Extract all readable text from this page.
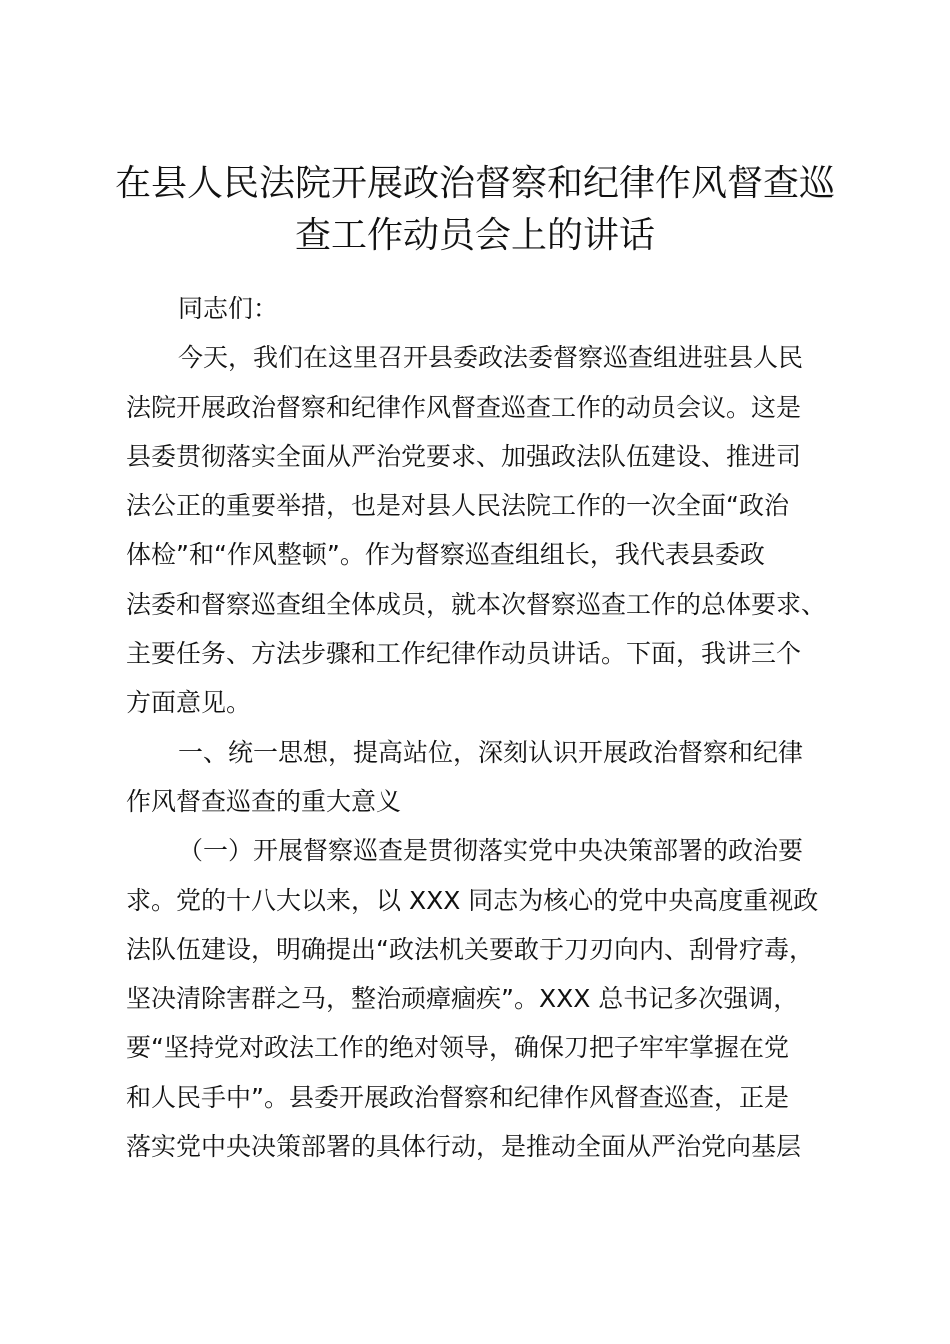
在县人民法院开展政治督察和纪律作风督查巡
查工作动员会上的讲话
同志们：
今天，我们在这里召开县委政法委督察巡查组进驻县人民
法院开展政治督察和纪律作风督查巡查工作的动员会议。这是
县委贯彻落实全面从严治党要求、加强政法队伍建设、推进司
法公正的重要举措，也是对县人民法院工作的一次全面“政治
体检”和“作风整顿”。作为督察巡查组组长，我代表县委政
法委和督察巡查组全体成员，就本次督察巡查工作的总体要求、
主要任务、方法步骤和工作纪律作动员讲话。下面，我讲三个
方面意见。
一、统一思想，提高站位，深刻认识开展政治督察和纪律
作风督查巡查的重大意义
（一）开展督察巡查是贯彻落实党中央决策部署的政治要
求。党的十八大以来，以 XXX 同志为核心的党中央高度重视政
法队伍建设，明确提出“政法机关要敢于刀刃向内、刮骨疗毒，
坚决清除害群之马，整治顽瘴痼疾”。XXX 总书记多次强调，
要“坚持党对政法工作的绝对领导，确保刀把子牢牢掌握在党
和人民手中”。县委开展政治督察和纪律作风督查巡查，正是
落实党中央决策部署的具体行动，是推动全面从严治党向基层
